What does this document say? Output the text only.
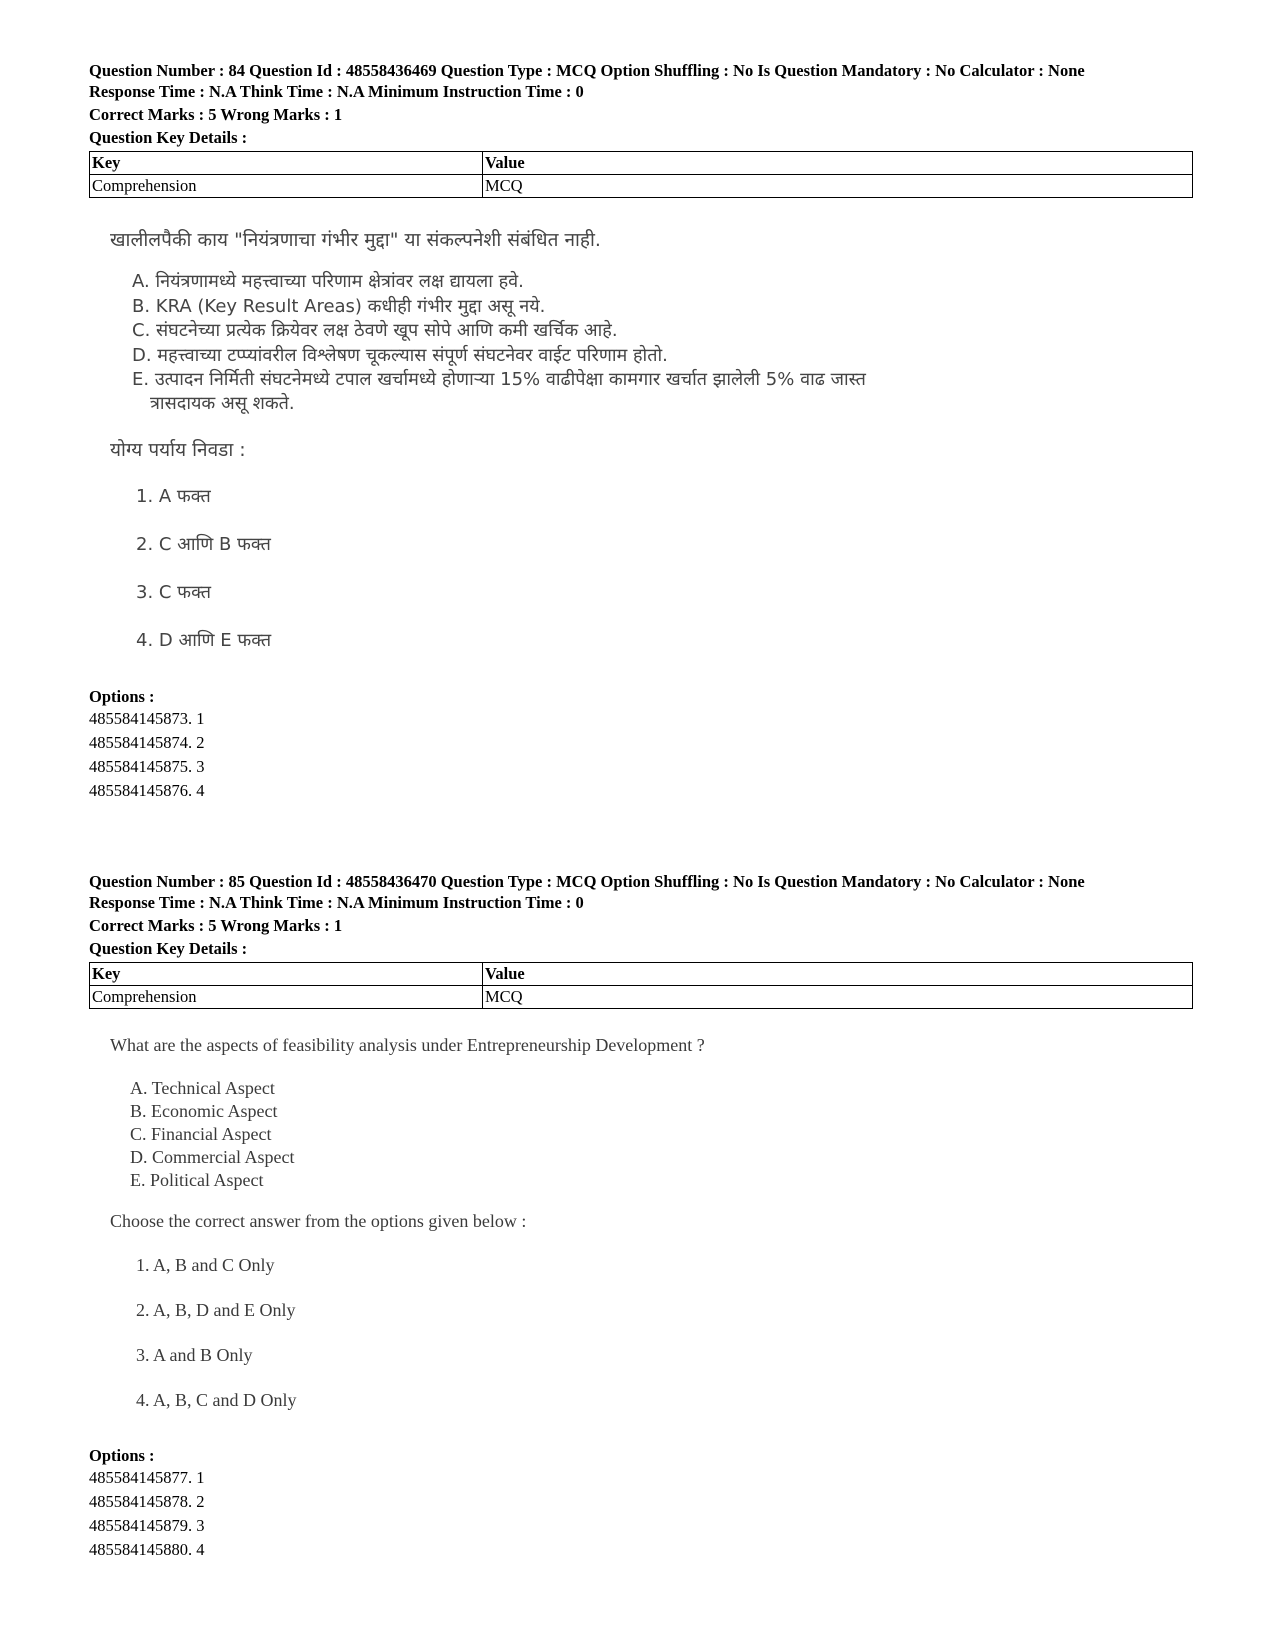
Question Number : 84 Question Id : 48558436469 Question Type : MCQ Option Shuffling : No Is Question Mandatory : No Calculator : None
Response Time : N.A Think Time : N.A Minimum Instruction Time : 0
Correct Marks : 5 Wrong Marks : 1
Question Key Details :
Key	Value
Comprehension	MCQ
खालीलपैकी काय "नियंत्रणाचा गंभीर मुद्दा" या संकल्पनेशी संबंधित नाही.
A. नियंत्रणामध्ये महत्त्वाच्या परिणाम क्षेत्रांवर लक्ष द्यायला हवे.
B. KRA (Key Result Areas) कधीही गंभीर मुद्दा असू नये.
C. संघटनेच्या प्रत्येक क्रियेवर लक्ष ठेवणे खूप सोपे आणि कमी खर्चिक आहे.
D. महत्त्वाच्या टप्प्यांवरील विश्लेषण चूकल्यास संपूर्ण संघटनेवर वाईट परिणाम होतो.
E. उत्पादन निर्मिती संघटनेमध्ये टपाल खर्चामध्ये होणाऱ्या 15% वाढीपेक्षा कामगार खर्चात झालेली 5% वाढ जास्त
त्रासदायक असू शकते.
योग्य पर्याय निवडा :
1. A फक्त
2. C आणि B फक्त
3. C फक्त
4. D आणि E फक्त
Options :
485584145873. 1
485584145874. 2
485584145875. 3
485584145876. 4
Question Number : 85 Question Id : 48558436470 Question Type : MCQ Option Shuffling : No Is Question Mandatory : No Calculator : None
Response Time : N.A Think Time : N.A Minimum Instruction Time : 0
Correct Marks : 5 Wrong Marks : 1
Question Key Details :
Key	Value
Comprehension	MCQ
What are the aspects of feasibility analysis under Entrepreneurship Development ?
A. Technical Aspect
B. Economic Aspect
C. Financial Aspect
D. Commercial Aspect
E. Political Aspect
Choose the correct answer from the options given below :
1. A, B and C Only
2. A, B, D and E Only
3. A and B Only
4. A, B, C and D Only
Options :
485584145877. 1
485584145878. 2
485584145879. 3
485584145880. 4
